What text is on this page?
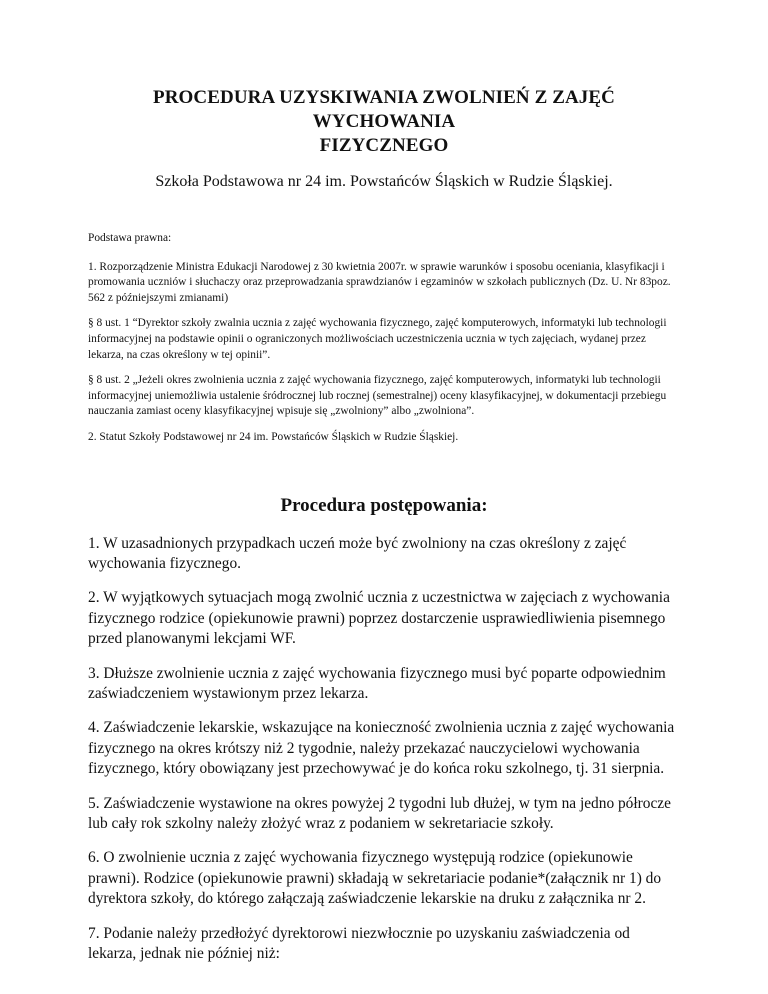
PROCEDURA UZYSKIWANIA ZWOLNIEŃ Z ZAJĘĆ WYCHOWANIA
FIZYCZNEGO

Szkoła Podstawowa nr 24 im. Powstańców Śląskich w Rudzie Śląskiej.

Podstawa prawna:

1. Rozporządzenie Ministra Edukacji Narodowej z 30 kwietnia 2007r. w sprawie warunków i sposobu oceniania, klasyfikacji i promowania uczniów i słuchaczy oraz przeprowadzania sprawdzianów i egzaminów w szkołach publicznych (Dz. U. Nr 83poz. 562 z późniejszymi zmianami)

§ 8 ust. 1 “Dyrektor szkoły zwalnia ucznia z zajęć wychowania fizycznego, zajęć komputerowych, informatyki lub technologii informacyjnej na podstawie opinii o ograniczonych możliwościach uczestniczenia ucznia w tych zajęciach, wydanej przez lekarza, na czas określony w tej opinii”.

§ 8 ust. 2 „Jeżeli okres zwolnienia ucznia z zajęć wychowania fizycznego, zajęć komputerowych, informatyki lub technologii informacyjnej uniemożliwia ustalenie śródrocznej lub rocznej (semestralnej) oceny klasyfikacyjnej, w dokumentacji przebiegu nauczania zamiast oceny klasyfikacyjnej wpisuje się „zwolniony” albo „zwolniona”.

2. Statut Szkoły Podstawowej nr 24 im. Powstańców Śląskich w Rudzie Śląskiej.

Procedura postępowania:

1. W uzasadnionych przypadkach uczeń może być zwolniony na czas określony z zajęć wychowania fizycznego.

2. W wyjątkowych sytuacjach mogą zwolnić ucznia z uczestnictwa w zajęciach z wychowania fizycznego rodzice (opiekunowie prawni) poprzez dostarczenie usprawiedliwienia pisemnego przed planowanymi lekcjami WF.

3. Dłuższe zwolnienie ucznia z zajęć wychowania fizycznego musi być poparte odpowiednim zaświadczeniem wystawionym przez lekarza.

4. Zaświadczenie lekarskie, wskazujące na konieczność zwolnienia ucznia z zajęć wychowania fizycznego na okres krótszy niż 2 tygodnie, należy przekazać nauczycielowi wychowania fizycznego, który obowiązany jest przechowywać je do końca roku szkolnego, tj. 31 sierpnia.

5. Zaświadczenie wystawione na okres powyżej 2 tygodni lub dłużej, w tym na jedno półrocze lub cały rok szkolny należy złożyć wraz z podaniem w sekretariacie szkoły.

6. O zwolnienie ucznia z zajęć wychowania fizycznego występują rodzice (opiekunowie prawni). Rodzice (opiekunowie prawni) składają w sekretariacie podanie*(załącznik nr 1) do dyrektora szkoły, do którego załączają zaświadczenie lekarskie na druku z załącznika nr 2.

7. Podanie należy przedłożyć dyrektorowi niezwłocznie po uzyskaniu zaświadczenia od lekarza, jednak nie później niż:
